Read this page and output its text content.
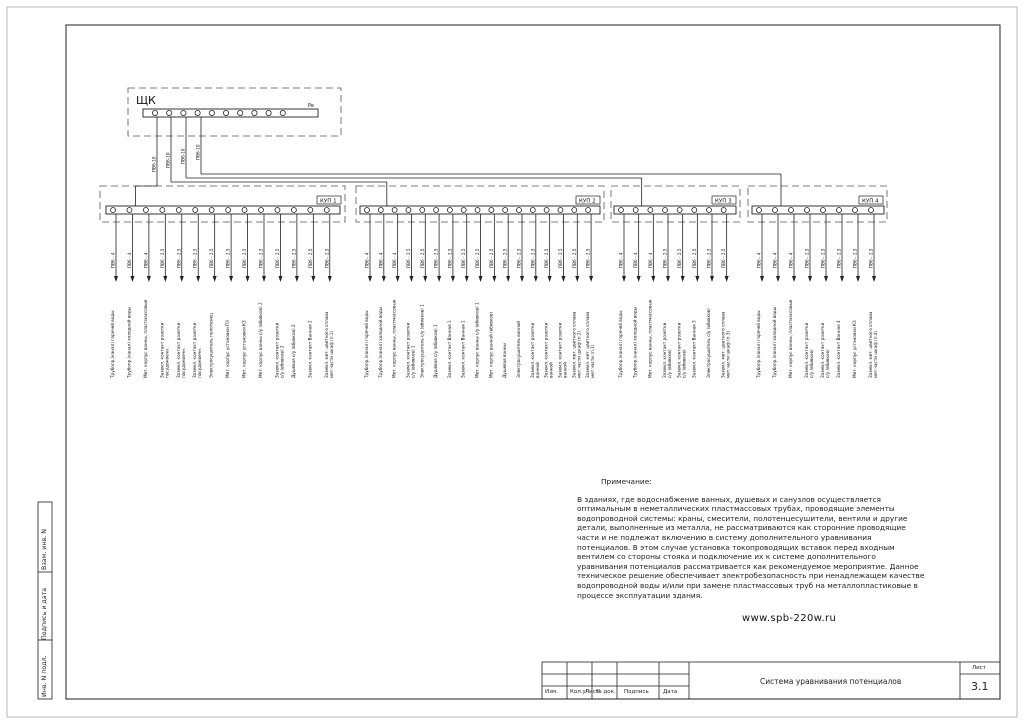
ЩК	Pe
КУП 1
ПВ6 - 4
Трубопр.(канал) горячей воды
ПВ6 - 4
Трубопр.(канал) холодной воды
ПВ6 - 4
Мет. корпус ванны, пластмассовые
ПВ6 - 2,5
Заземл. контакт розетки посудомоечн.
ПВ6 - 2,5
Заземл. контакт розетки посудомоечн.
ПВ6 - 2,5
Заземл. контакт розетки посудомоечн.
ПВ6 - 2,5
Электросушитель полотенец
ПВ6 - 2,5
Мет. корпус установки ПЗ
ПВ6 - 2,5
Мет. корпус установки КЗ
ПВ6 - 2,5
Мет. корпус ванны с/у (вбивков) 2
ПВ6 - 2,5
Заземл. контакт розетки с/у (вбивков) 2
ПВ6 - 2,5
Душевая с/у (вбивков) 2
ПВ6 - 2,5
Заземл. контакт Ванная 2
ПВ6 - 2,5
Заземл. мет. цветного сплава мет.части шкаф (п.1)
КУП 2
ПВ6 - 4
Трубопр.(канал) горячей воды
ПВ6 - 4
Трубопр.(канал) холодной воды
ПВ6 - 4
Мет. корпус ванны, пластмассовые
ПВ6 - 2,5
Заземл. контакт розетки с/у (вбивков) 1
ПВ6 - 2,5
Электросушитель с/у (вбивков) 1
ПВ6 - 2,5
Душевая с/у (вбивков) 1
ПВ6 - 2,5
Заземл. контакт Ванная 1
ПВ6 - 2,5
Заземл. контакт Ванная 1
ПВ6 - 2,5
Мет. корпус ванны с/у (вбивков) 1
ПВ6 - 2,5
Мет. корпус ванной (вбивков)
ПВ6 - 2,5
Душевая ванны
ПВ6 - 2,5
Электросушитель ванной
ПВ6 - 2,5
Заземл. контакт розетки ванной
ПВ6 - 2,5
Заземл. контакт розетки ванной
ПВ6 - 2,5
Заземл. контакт розетки ванной
ПВ6 - 2,5
Заземл. мет. цветного сплава мет.части шкаф (п.2)
ПВ6 - 2,5
Заземл. мет. цветного сплава мет.части (п.1)
КУП 3
ПВ6 - 4
Трубопр.(канал) горячей воды
ПВ6 - 4
Трубопр.(канал) холодной воды
ПВ6 - 4
Мет. корпус ванны, пластмассовые
ПВ6 - 2,5
Заземл. контакт розетки с/у (вбивков)
ПВ6 - 2,5
Заземл. контакт розетки с/у (вбивков)
ПВ6 - 2,5
Заземл. контакт Ванная 3
ПВ6 - 2,5
Электросушитель с/у (вбивков)
ПВ6 - 2,5
Заземл. мет. цветного сплава мет.части шкаф (п.3)
КУП 4
ПВ6 - 4
Трубопр.(канал) горячей воды
ПВ6 - 4
Трубопр.(канал) холодной воды
ПВ6 - 4
Мет. корпус ванны, пластмассовые
ПВ6 - 2,5
Заземл. контакт розетки с/у (вбивков)
ПВ6 - 2,5
Заземл. контакт розетки с/у (вбивков)
ПВ6 - 2,5
Заземл. контакт Ванная 4
ПВ6 - 2,5
Мет. корпус установки КЗ
ПВ6 - 2,5
Заземл. мет. цветного сплава мет.части шкаф (п.4)
ПВ6-10 ПВ6-10 ПВ6-10 ПВ6-10
Инв. N подл.
Подпись и дата
Взам. инв. N
Примечание:
В зданиях, где водоснабжение ванных, душевых и санузлов осуществляется оптимальным в неметаллических пластмассовых трубах, проводящие элементы водопроводной системы: краны, смесители, полотенцесушители, вентили и другие детали, выполненные из металла, не рассматриваются как сторонние проводящие части и не подлежат включению в систему дополнительного уравнивания потенциалов. В этом случае установка токопроводящих вставок перед входным вентилем со стороны стояка и подключение их к системе дополнительного уравнивания потенциалов рассматривается как рекомендуемое мероприятие. Данное техническое решение обеспечивает электробезопасность при ненадлежащем качестве водопроводной воды и/или при замене пластмассовых труб на металлопластиковые в процессе эксплуатации здания.
www.spb-220w.ru
Изм. Кол.уч
Лист
№ док. Подпись	Дата
Система уравнивания потенциалов
Лист
3.1
